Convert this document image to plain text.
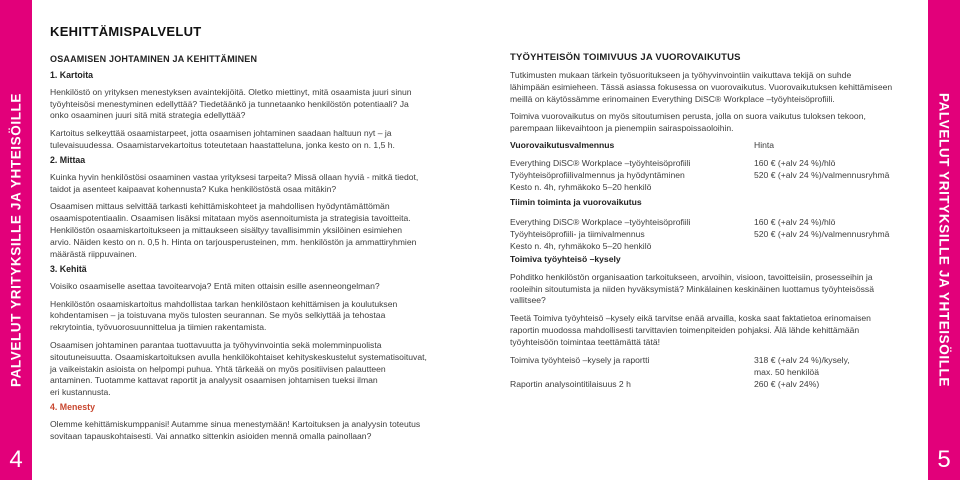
PALVELUT YRITYKSILLE JA YHTEISÖILLE
4
PALVELUT YRITYKSILLE JA YHTEISÖILLE
5
KEHITTÄMISPALVELUT
OSAAMISEN JOHTAMINEN JA KEHITTÄMINEN
1. Kartoita
Henkilöstö on yrityksen menestyksen avaintekijöitä. Oletko miettinyt, mitä osaamista juuri sinun
työyhteisösi menestyminen edellyttää? Tiedetäänkö ja tunnetaanko henkilöstön potentiaali? Ja
onko osaaminen juuri sitä mitä strategia edellyttää?
Kartoitus selkeyttää osaamistarpeet, jotta osaamisen johtaminen saadaan haltuun nyt – ja
tulevaisuudessa. Osaamistarvekartoitus toteutetaan haastatteluna, jonka kesto on n. 1,5 h.
2. Mittaa
Kuinka hyvin henkilöstösi osaaminen vastaa yrityksesi tarpeita? Missä ollaan hyviä - mitkä tiedot,
taidot ja asenteet kaipaavat kohennusta? Kuka henkilöstöstä osaa mitäkin?
Osaamisen mittaus selvittää tarkasti kehittämiskohteet ja mahdollisen hyödyntämättömän
osaamispotentiaalin. Osaamisen lisäksi mitataan myös asennoitumista ja strategisia tavoitteita.
Henkilöstön osaamiskartoitukseen ja mittaukseen sisältyy tavallisimmin yksilöinen esimiehen
arvio. Näiden kesto on n. 0,5 h. Hinta on tarjousperusteinen, mm. henkilöstön ja ammattiryhmien
määrästä riippuvainen.
3. Kehitä
Voisiko osaamiselle asettaa tavoitearvoja? Entä miten ottaisin esille asenneongelman?
Henkilöstön osaamiskartoitus mahdollistaa tarkan henkilöstaon kehittämisen ja koulutuksen
kohdentamisen – ja toistuvana myös tulosten seurannan. Se myös selkiyttää ja tehostaa
rekrytointia, työvuorosuunnittelua ja tiimien rakentamista.
Osaamisen johtaminen parantaa tuottavuutta ja työhyvinvointia sekä molemminpuolista
sitoutuneisuutta. Osaamiskartoituksen avulla henkilökohtaiset kehityskeskustelut systematisoituvat,
ja vaikeistakin asioista on helpompi puhua. Yhtä tärkeää on myös positiivisen palautteen
antaminen. Tuotamme kattavat raportit ja analyysit osaamisen johtamisen tueksi ilman
eri kustannusta.
4. Menesty
Olemme kehittämiskumppanisi! Autamme sinua menestymään! Kartoituksen ja analyysin toteutus
sovitaan tapauskohtaisesti. Vai annatko sittenkin asioiden mennä omalla painollaan?
TYÖYHTEISÖN TOIMIVUUS JA VUOROVAIKUTUS
Tutkimusten mukaan tärkein työsuoritukseen ja työhyvinvointiin vaikuttava tekijä on suhde
lähimpään esimieheen. Tässä asiassa fokusessa on vuorovaikutus. Vuorovaikutuksen kehittämiseen
meillä on käytössämme erinomainen Everything DiSC® Workplace –työyhteisöprofiili.
Toimiva vuorovaikutus on myös sitoutumisen perusta, jolla on suora vaikutus tuloksen tekoon,
parempaan liikevaihtoon ja pienempiin sairaspoissaoloihin.
Vuorovaikutusvalmennus	Hinta
Everything DiSC® Workplace –työyhteisöprofiili	160 € (+alv 24 %)/hlö
Työyhteisöprofiilivalmennus ja hyödyntäminen	520 € (+alv 24 %)/valmennusryhmä
Kesto n. 4h, ryhmäkoko 5–20 henkilö
Tiimin toiminta ja vuorovaikutus
Everything DiSC® Workplace –työyhteisöprofiili	160 € (+alv 24 %)/hlö
Työyhteisöprofiili- ja tiimivalmennus	520 € (+alv 24 %)/valmennusryhmä
Kesto n. 4h, ryhmäkoko 5–20 henkilö
Toimiva työyhteisö –kysely
Pohditko henkilöstön organisaation tarkoitukseen, arvoihin, visioon, tavoitteisiin, prosesseihin ja
rooleihin sitoutumista ja niiden hyväksymistä? Minkälainen keskinäinen luottamus työyhteisössä
vallitsee?
Teetä Toimiva työyhteisö –kysely eikä tarvitse enää arvailla, koska saat faktatietoa erinomaisen
raportin muodossa mahdollisesti tarvittavien toimenpiteiden pohjaksi. Älä lähde kehittämään
työyhteisöön toimintaa teettämättä tätä!
Toimiva työyhteisö –kysely ja raportti	318 € (+alv 24 %)/kysely,
max. 50 henkilöä
Raportin analysointitilaisuus 2 h	260 € (+alv 24%)
